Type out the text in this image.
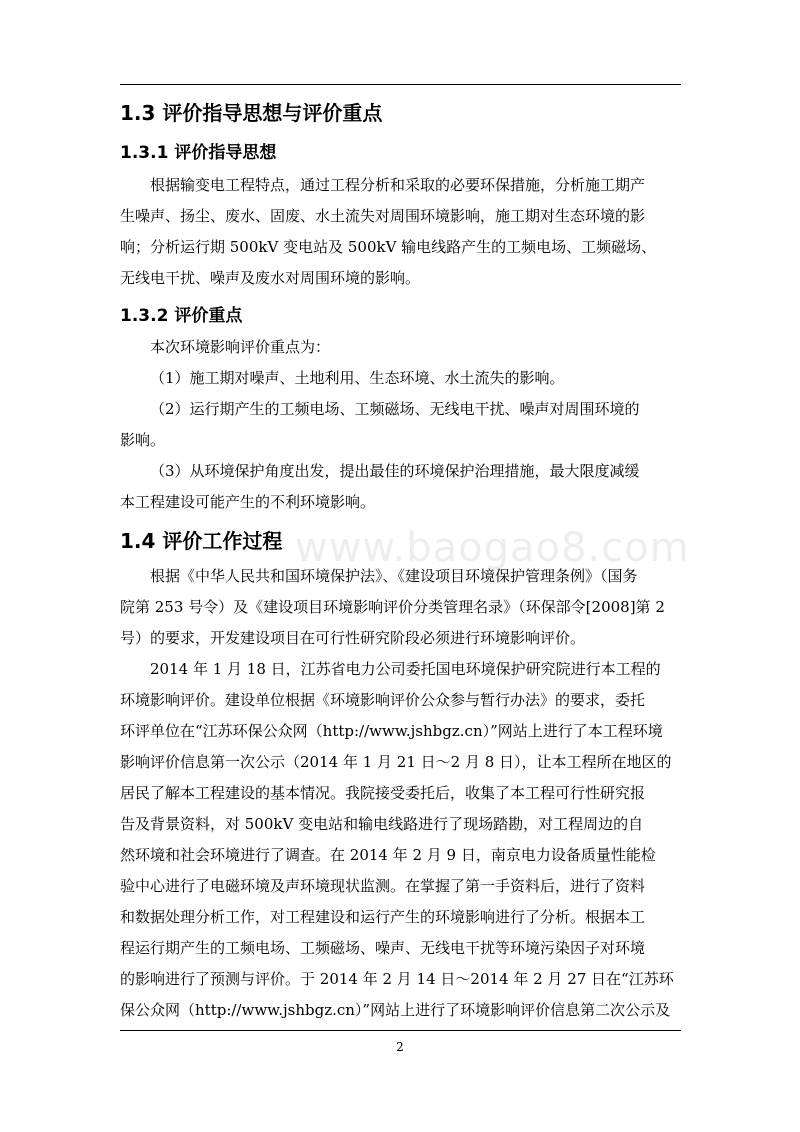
1.3 评价指导思想与评价重点
1.3.1 评价指导思想
根据输变电工程特点，通过工程分析和采取的必要环保措施，分析施工期产
生噪声、扬尘、废水、固废、水土流失对周围环境影响，施工期对生态环境的影
响；分析运行期 500kV 变电站及 500kV 输电线路产生的工频电场、工频磁场、
无线电干扰、噪声及废水对周围环境的影响。
1.3.2 评价重点
本次环境影响评价重点为：
（1）施工期对噪声、土地利用、生态环境、水土流失的影响。
（2）运行期产生的工频电场、工频磁场、无线电干扰、噪声对周围环境的
影响。
（3）从环境保护角度出发，提出最佳的环境保护治理措施，最大限度减缓
本工程建设可能产生的不利环境影响。
1.4 评价工作过程 www.baogao8.com
根据《中华人民共和国环境保护法》、《建设项目环境保护管理条例》（国务
院第 253 号令）及《建设项目环境影响评价分类管理名录》（环保部令[2008]第 2
号）的要求，开发建设项目在可行性研究阶段必须进行环境影响评价。
2014 年 1 月 18 日，江苏省电力公司委托国电环境保护研究院进行本工程的
环境影响评价。建设单位根据《环境影响评价公众参与暂行办法》的要求，委托
环评单位在“江苏环保公众网（http://www.jshbgz.cn）”网站上进行了本工程环境
影响评价信息第一次公示（2014 年 1 月 21 日～2 月 8 日），让本工程所在地区的
居民了解本工程建设的基本情况。我院接受委托后，收集了本工程可行性研究报
告及背景资料，对 500kV 变电站和输电线路进行了现场踏勘，对工程周边的自
然环境和社会环境进行了调查。在 2014 年 2 月 9 日，南京电力设备质量性能检
验中心进行了电磁环境及声环境现状监测。在掌握了第一手资料后，进行了资料
和数据处理分析工作，对工程建设和运行产生的环境影响进行了分析。根据本工
程运行期产生的工频电场、工频磁场、噪声、无线电干扰等环境污染因子对环境
的影响进行了预测与评价。于 2014 年 2 月 14 日～2014 年 2 月 27 日在“江苏环
保公众网（http://www.jshbgz.cn）”网站上进行了环境影响评价信息第二次公示及
2
